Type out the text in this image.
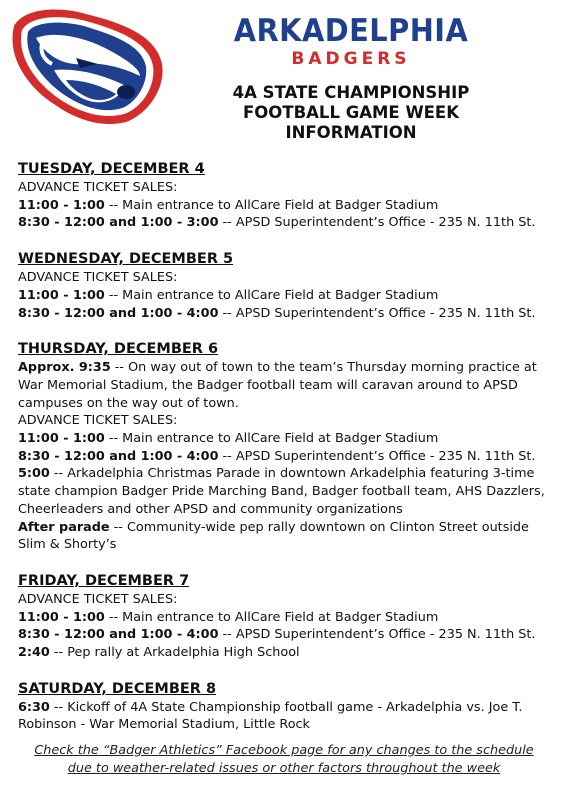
ARKADELPHIA
BADGERS
4A STATE CHAMPIONSHIP
FOOTBALL GAME WEEK
INFORMATION
TUESDAY, DECEMBER 4
ADVANCE TICKET SALES:
11:00 - 1:00 -- Main entrance to AllCare Field at Badger Stadium
8:30 - 12:00 and 1:00 - 3:00 -- APSD Superintendent’s Office - 235 N. 11th St.
WEDNESDAY, DECEMBER 5
ADVANCE TICKET SALES:
11:00 - 1:00 -- Main entrance to AllCare Field at Badger Stadium
8:30 - 12:00 and 1:00 - 4:00 -- APSD Superintendent’s Office - 235 N. 11th St.
THURSDAY, DECEMBER 6
Approx. 9:35 -- On way out of town to the team’s Thursday morning practice at War Memorial Stadium, the Badger football team will caravan around to APSD campuses on the way out of town.
ADVANCE TICKET SALES:
11:00 - 1:00 -- Main entrance to AllCare Field at Badger Stadium
8:30 - 12:00 and 1:00 - 4:00 -- APSD Superintendent’s Office - 235 N. 11th St.
5:00 -- Arkadelphia Christmas Parade in downtown Arkadelphia featuring 3-time state champion Badger Pride Marching Band, Badger football team, AHS Dazzlers, Cheerleaders and other APSD and community organizations
After parade -- Community-wide pep rally downtown on Clinton Street outside Slim & Shorty’s
FRIDAY, DECEMBER 7
ADVANCE TICKET SALES:
11:00 - 1:00 -- Main entrance to AllCare Field at Badger Stadium
8:30 - 12:00 and 1:00 - 4:00 -- APSD Superintendent’s Office - 235 N. 11th St.
2:40 -- Pep rally at Arkadelphia High School
SATURDAY, DECEMBER 8
6:30 -- Kickoff of 4A State Championship football game - Arkadelphia vs. Joe T. Robinson - War Memorial Stadium, Little Rock
Check the “Badger Athletics” Facebook page for any changes to the schedule
due to weather-related issues or other factors throughout the week
